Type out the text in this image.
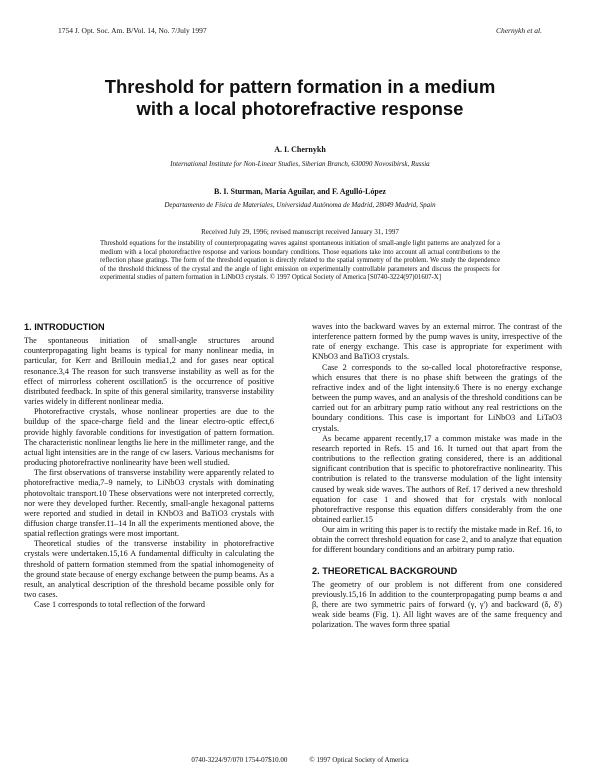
1754 J. Opt. Soc. Am. B/Vol. 14, No. 7/July 1997	Chernykh et al.
Threshold for pattern formation in a medium
with a local photorefractive response
A. I. Chernykh
International Institute for Non-Linear Studies, Siberian Branch, 630090 Novosibirsk, Russia
B. I. Sturman, María Aguilar, and F. Agulló-López
Departamento de Física de Materiales, Universidad Autónoma de Madrid, 28049 Madrid, Spain
Received July 29, 1996; revised manuscript received January 31, 1997
Threshold equations for the instability of counterpropagating waves against spontaneous initiation of small-angle light patterns are analyzed for a medium with a local photorefractive response and various boundary conditions. Those equations take into account all actual contributions to the reflection phase gratings. The form of the threshold equation is directly related to the spatial symmetry of the problem. We study the dependence of the threshold thickness of the crystal and the angle of light emission on experimentally controllable parameters and discuss the prospects for experimental studies of pattern formation in LiNbO3 crystals. © 1997 Optical Society of America [S0740-3224(97)01607-X]
1. INTRODUCTION

The spontaneous initiation of small-angle structures around counterpropagating light beams is typical for many nonlinear media, in particular, for Kerr and Brillouin media1,2 and for gases near optical resonance.3,4 The reason for such transverse instability as well as for the effect of mirrorless coherent oscillation5 is the occurrence of positive distributed feedback. In spite of this general similarity, transverse instability varies widely in different nonlinear media.

Photorefractive crystals, whose nonlinear properties are due to the buildup of the space-charge field and the linear electro-optic effect,6 provide highly favorable conditions for investigation of pattern formation. The characteristic nonlinear lengths lie here in the millimeter range, and the actual light intensities are in the range of cw lasers. Various mechanisms for producing photorefractive nonlinearity have been well studied.

The first observations of transverse instability were apparently related to photorefractive media,7–9 namely, to LiNbO3 crystals with dominating photovoltaic transport.10 These observations were not interpreted correctly, nor were they developed further. Recently, small-angle hexagonal patterns were reported and studied in detail in KNbO3 and BaTiO3 crystals with diffusion charge transfer.11–14 In all the experiments mentioned above, the spatial reflection gratings were most important.

Theoretical studies of the transverse instability in photorefractive crystals were undertaken.15,16 A fundamental difficulty in calculating the threshold of pattern formation stemmed from the spatial inhomogeneity of the ground state because of energy exchange between the pump beams. As a result, an analytical description of the threshold became possible only for two cases.

Case 1 corresponds to total reflection of the forward

waves into the backward waves by an external mirror. The contrast of the interference pattern formed by the pump waves is unity, irrespective of the rate of energy exchange. This case is appropriate for experiment with KNbO3 and BaTiO3 crystals.

Case 2 corresponds to the so-called local photorefractive response, which ensures that there is no phase shift between the gratings of the refractive index and of the light intensity.6 There is no energy exchange between the pump waves, and an analysis of the threshold conditions can be carried out for an arbitrary pump ratio without any real restrictions on the boundary conditions. This case is important for LiNbO3 and LiTaO3 crystals.

As became apparent recently,17 a common mistake was made in the research reported in Refs. 15 and 16. It turned out that apart from the contributions to the reflection grating considered, there is an additional significant contribution that is specific to photorefractive nonlinearity. This contribution is related to the transverse modulation of the light intensity caused by weak side waves. The authors of Ref. 17 derived a new threshold equation for case 1 and showed that for crystals with nonlocal photorefractive response this equation differs considerably from the one obtained earlier.15

Our aim in writing this paper is to rectify the mistake made in Ref. 16, to obtain the correct threshold equation for case 2, and to analyze that equation for different boundary conditions and an arbitrary pump ratio.

2. THEORETICAL BACKGROUND

The geometry of our problem is not different from one considered previously.15,16 In addition to the counterpropagating pump beams α and β, there are two symmetric pairs of forward (γ, γ') and backward (δ, δ') weak side beams (Fig. 1). All light waves are of the same frequency and polarization. The waves form three spatial

0740-3224/97/070 1754-07$10.00	© 1997 Optical Society of America
